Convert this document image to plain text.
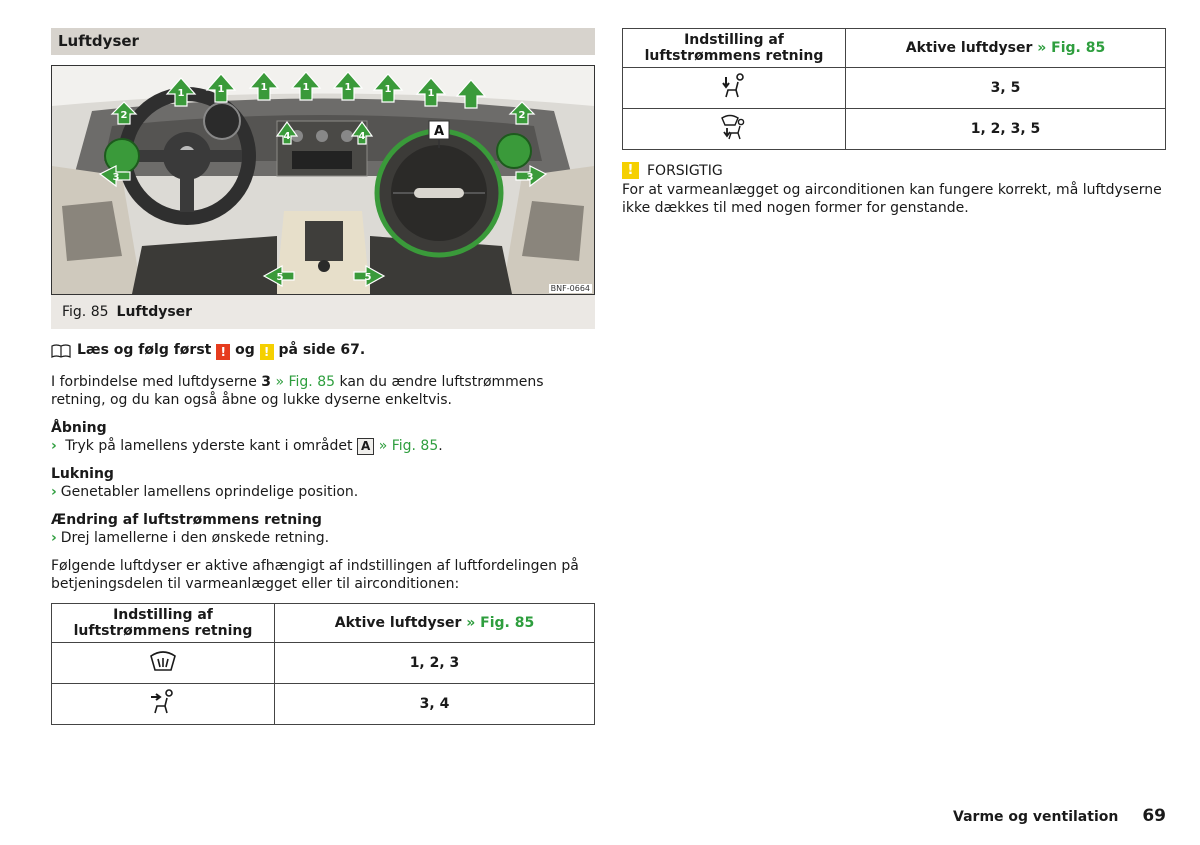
Luftdyser
A
1	1	1	1	1	1	1
2	2
3	3
4	4
5	5
BNF-0664
Fig. 85 Luftdyser

Læs og følg først ! og ! på side 67.

I forbindelse med luftdyserne 3 » Fig. 85 kan du ændre luftstrømmens retning, og du kan også åbne og lukke dyserne enkeltvis.

Åbning

› Tryk på lamellens yderste kant i området A » Fig. 85.

Lukning

› Genetabler lamellens oprindelige position.

Ændring af luftstrømmens retning

› Drej lamellerne i den ønskede retning.

Følgende luftdyser er aktive afhængigt af indstillingen af luftfordelingen på betjeningsdelen til varmeanlægget eller til airconditionen:

Indstilling af luftstrømmens retning	Aktive luftdyser » Fig. 85
	1, 2, 3
	3, 4
Indstilling af luftstrømmens retning	Aktive luftdyser » Fig. 85
	3, 5
	1, 2, 3, 5
! FORSIGTIG

For at varmeanlægget og airconditionen kan fungere korrekt, må luftdyserne ikke dækkes til med nogen former for genstande.

Varme og ventilation 69
